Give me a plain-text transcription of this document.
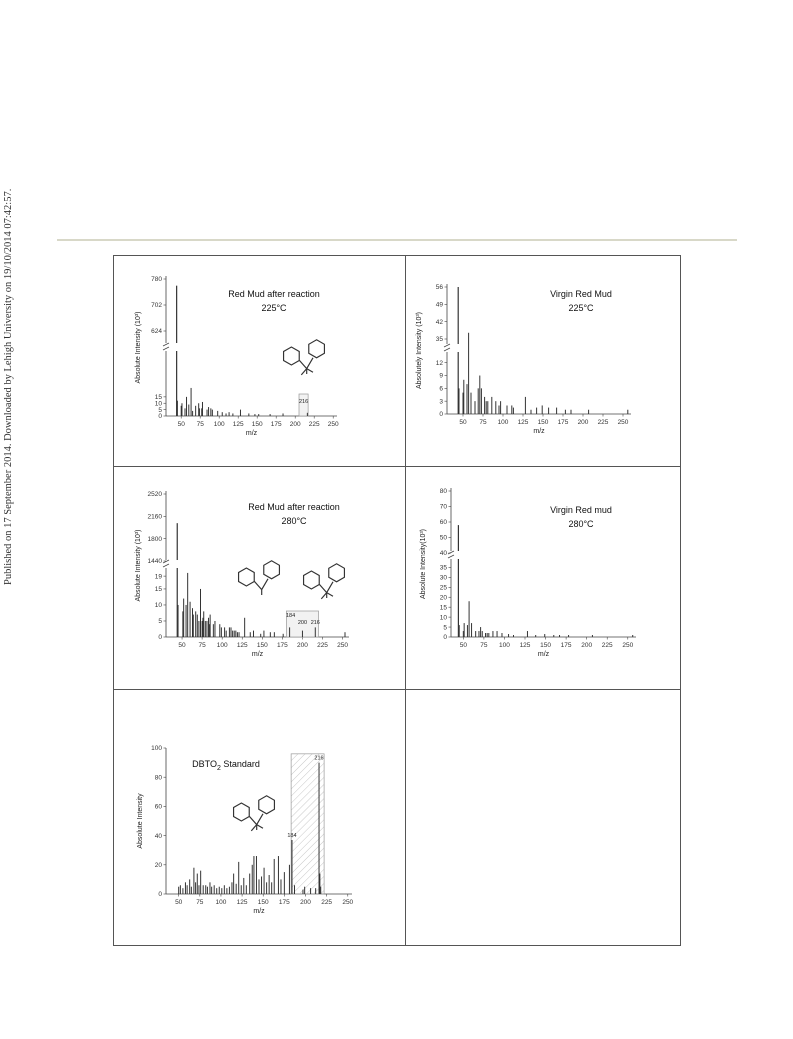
Published on 17 September 2014. Downloaded by Lehigh University on 19/10/2014 07:42:57.	0
5
10
15
624
702
780
Absolute Intensity (10³)
50 75 100 125 150 175 200 225 250
m/z
216
Red Mud after reaction
225°C
0
3
6
9
12
35
42
49
56
Absolutely Intensity (10³)
50 75 100 125 150 175 200 225 250
m/z
Virgin Red Mud
225°C
0
5
10
15
19
1440
1800
2160
2520
Absolute Intensity (10³)
50 75 100 125 150 175 200 225 250
m/z
184
200 216
Red Mud after reaction
280°C
0
5
10
15
20
25
30
35
40
50
60
70
80
Absolute Intensity(10³)
50 75 100 125 150 175 200 225 250
m/z
Virgin Red mud
280°C
0
20
40
60
80
100
Absolute Intensity
50 75 100 125 150 175 200 225 250
m/z
184
216
$DBTO_2$ Standard
